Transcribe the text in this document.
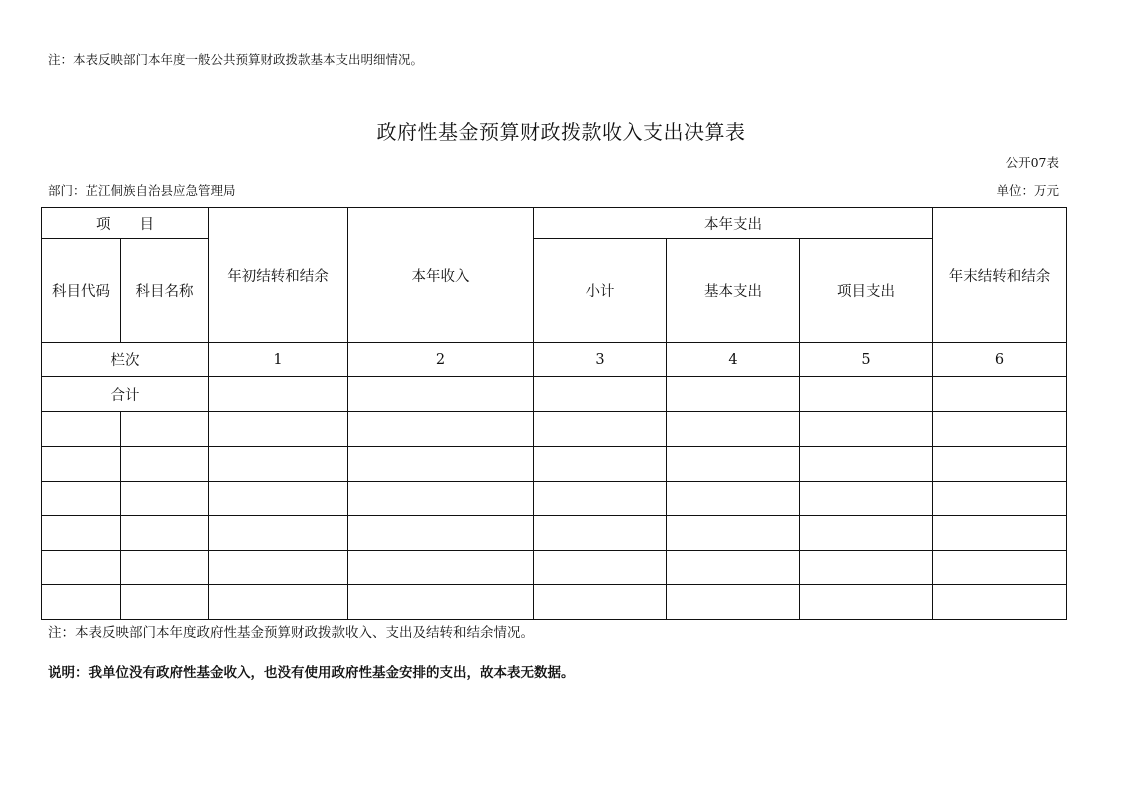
注：本表反映部门本年度一般公共预算财政拨款基本支出明细情况。
政府性基金预算财政拨款收入支出决算表
公开07表
部门：芷江侗族自治县应急管理局	单位：万元
项　　目		年初结转和结余	本年收入	本年支出			年末结转和结余
科目代码	科目名称			小计	基本支出	项目支出	
栏次		1	2	3	4	5	6
合计							

注：本表反映部门本年度政府性基金预算财政拨款收入、支出及结转和结余情况。
说明：我单位没有政府性基金收入，也没有使用政府性基金安排的支出，故本表无数据。
